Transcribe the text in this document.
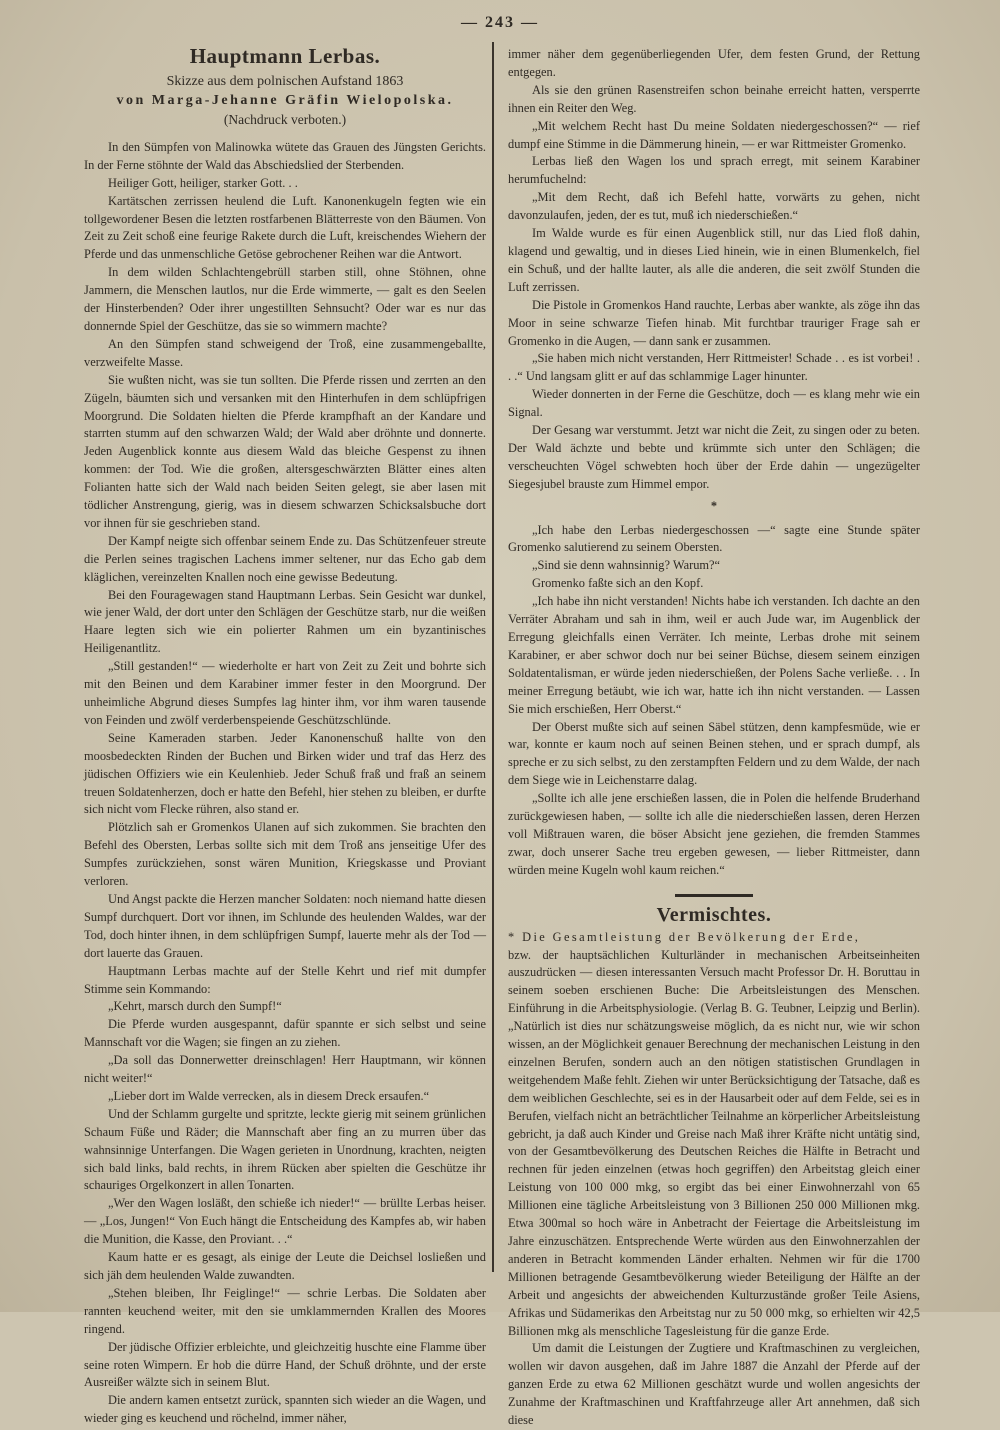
— 243 —
Hauptmann Lerbas.
Skizze aus dem polnischen Aufstand 1863
von Marga-Jehanne Gräfin Wielopolska.
(Nachdruck verboten.)

In den Sümpfen von Malinowka wütete das Grauen des Jüngsten Gerichts. In der Ferne stöhnte der Wald das Abschiedslied der Sterbenden.

Heiliger Gott, heiliger, starker Gott. . .

Kartätschen zerrissen heulend die Luft. Kanonenkugeln fegten wie ein tollgewordener Besen die letzten rostfarbenen Blätterreste von den Bäumen. Von Zeit zu Zeit schoß eine feurige Rakete durch die Luft, kreischendes Wiehern der Pferde und das unmenschliche Getöse gebrochener Reihen war die Antwort.

In dem wilden Schlachtengebrüll starben still, ohne Stöhnen, ohne Jammern, die Menschen lautlos, nur die Erde wimmerte, — galt es den Seelen der Hinsterbenden? Oder ihrer ungestillten Sehnsucht? Oder war es nur das donnernde Spiel der Geschütze, das sie so wimmern machte?

An den Sümpfen stand schweigend der Troß, eine zusammengeballte, verzweifelte Masse.

Sie wußten nicht, was sie tun sollten. Die Pferde rissen und zerrten an den Zügeln, bäumten sich und versanken mit den Hinterhufen in dem schlüpfrigen Moorgrund. Die Soldaten hielten die Pferde krampfhaft an der Kandare und starrten stumm auf den schwarzen Wald; der Wald aber dröhnte und donnerte. Jeden Augenblick konnte aus diesem Wald das bleiche Gespenst zu ihnen kommen: der Tod. Wie die großen, altersgeschwärzten Blätter eines alten Folianten hatte sich der Wald nach beiden Seiten gelegt, sie aber lasen mit tödlicher Anstrengung, gierig, was in diesem schwarzen Schicksalsbuche dort vor ihnen für sie geschrieben stand.

Der Kampf neigte sich offenbar seinem Ende zu. Das Schützenfeuer streute die Perlen seines tragischen Lachens immer seltener, nur das Echo gab dem kläglichen, vereinzelten Knallen noch eine gewisse Bedeutung.

Bei den Fouragewagen stand Hauptmann Lerbas. Sein Gesicht war dunkel, wie jener Wald, der dort unter den Schlägen der Geschütze starb, nur die weißen Haare legten sich wie ein polierter Rahmen um ein byzantinisches Heiligenantlitz.

„Still gestanden!“ — wiederholte er hart von Zeit zu Zeit und bohrte sich mit den Beinen und dem Karabiner immer fester in den Moorgrund. Der unheimliche Abgrund dieses Sumpfes lag hinter ihm, vor ihm waren tausende von Feinden und zwölf verderbenspeiende Geschützschlünde.

Seine Kameraden starben. Jeder Kanonenschuß hallte von den moosbedeckten Rinden der Buchen und Birken wider und traf das Herz des jüdischen Offiziers wie ein Keulenhieb. Jeder Schuß fraß und fraß an seinem treuen Soldatenherzen, doch er hatte den Befehl, hier stehen zu bleiben, er durfte sich nicht vom Flecke rühren, also stand er.

Plötzlich sah er Gromenkos Ulanen auf sich zukommen. Sie brachten den Befehl des Obersten, Lerbas sollte sich mit dem Troß ans jenseitige Ufer des Sumpfes zurückziehen, sonst wären Munition, Kriegskasse und Proviant verloren.

Und Angst packte die Herzen mancher Soldaten: noch niemand hatte diesen Sumpf durchquert. Dort vor ihnen, im Schlunde des heulenden Waldes, war der Tod, doch hinter ihnen, in dem schlüpfrigen Sumpf, lauerte mehr als der Tod — dort lauerte das Grauen.

Hauptmann Lerbas machte auf der Stelle Kehrt und rief mit dumpfer Stimme sein Kommando:

„Kehrt, marsch durch den Sumpf!“

Die Pferde wurden ausgespannt, dafür spannte er sich selbst und seine Mannschaft vor die Wagen; sie fingen an zu ziehen.

„Da soll das Donnerwetter dreinschlagen! Herr Hauptmann, wir können nicht weiter!“

„Lieber dort im Walde verrecken, als in diesem Dreck ersaufen.“

Und der Schlamm gurgelte und spritzte, leckte gierig mit seinem grünlichen Schaum Füße und Räder; die Mannschaft aber fing an zu murren über das wahnsinnige Unterfangen. Die Wagen gerieten in Unordnung, krachten, neigten sich bald links, bald rechts, in ihrem Rücken aber spielten die Geschütze ihr schauriges Orgelkonzert in allen Tonarten.

„Wer den Wagen losläßt, den schieße ich nieder!“ — brüllte Lerbas heiser. — „Los, Jungen!“ Von Euch hängt die Entscheidung des Kampfes ab, wir haben die Munition, die Kasse, den Proviant. . .“

Kaum hatte er es gesagt, als einige der Leute die Deichsel losließen und sich jäh dem heulenden Walde zuwandten.

„Stehen bleiben, Ihr Feiglinge!“ — schrie Lerbas. Die Soldaten aber rannten keuchend weiter, mit den sie umklammernden Krallen des Moores ringend.

Der jüdische Offizier erbleichte, und gleichzeitig huschte eine Flamme über seine roten Wimpern. Er hob die dürre Hand, der Schuß dröhnte, und der erste Ausreißer wälzte sich in seinem Blut.

Die andern kamen entsetzt zurück, spannten sich wieder an die Wagen, und wieder ging es keuchend und röchelnd, immer näher,

immer näher dem gegenüberliegenden Ufer, dem festen Grund, der Rettung entgegen.

Als sie den grünen Rasenstreifen schon beinahe erreicht hatten, versperrte ihnen ein Reiter den Weg.

„Mit welchem Recht hast Du meine Soldaten niedergeschossen?“ — rief dumpf eine Stimme in die Dämmerung hinein, — er war Rittmeister Gromenko.

Lerbas ließ den Wagen los und sprach erregt, mit seinem Karabiner herumfuchelnd:

„Mit dem Recht, daß ich Befehl hatte, vorwärts zu gehen, nicht davonzulaufen, jeden, der es tut, muß ich niederschießen.“

Im Walde wurde es für einen Augenblick still, nur das Lied floß dahin, klagend und gewaltig, und in dieses Lied hinein, wie in einen Blumenkelch, fiel ein Schuß, und der hallte lauter, als alle die anderen, die seit zwölf Stunden die Luft zerrissen.

Die Pistole in Gromenkos Hand rauchte, Lerbas aber wankte, als zöge ihn das Moor in seine schwarze Tiefen hinab. Mit furchtbar trauriger Frage sah er Gromenko in die Augen, — dann sank er zusammen.

„Sie haben mich nicht verstanden, Herr Rittmeister! Schade . . es ist vorbei! . . .“ Und langsam glitt er auf das schlammige Lager hinunter.

Wieder donnerten in der Ferne die Geschütze, doch — es klang mehr wie ein Signal.

Der Gesang war verstummt. Jetzt war nicht die Zeit, zu singen oder zu beten. Der Wald ächzte und bebte und krümmte sich unter den Schlägen; die verscheuchten Vögel schwebten hoch über der Erde dahin — ungezügelter Siegesjubel brauste zum Himmel empor.

*

„Ich habe den Lerbas niedergeschossen —“ sagte eine Stunde später Gromenko salutierend zu seinem Obersten.

„Sind sie denn wahnsinnig? Warum?“

Gromenko faßte sich an den Kopf.

„Ich habe ihn nicht verstanden! Nichts habe ich verstanden. Ich dachte an den Verräter Abraham und sah in ihm, weil er auch Jude war, im Augenblick der Erregung gleichfalls einen Verräter. Ich meinte, Lerbas drohe mit seinem Karabiner, er aber schwor doch nur bei seiner Büchse, diesem seinem einzigen Soldatentalisman, er würde jeden niederschießen, der Polens Sache verließe. . . In meiner Erregung betäubt, wie ich war, hatte ich ihn nicht verstanden. — Lassen Sie mich erschießen, Herr Oberst.“

Der Oberst mußte sich auf seinen Säbel stützen, denn kampfesmüde, wie er war, konnte er kaum noch auf seinen Beinen stehen, und er sprach dumpf, als spreche er zu sich selbst, zu den zerstampften Feldern und zu dem Walde, der nach dem Siege wie in Leichenstarre dalag.

„Sollte ich alle jene erschießen lassen, die in Polen die helfende Bruderhand zurückgewiesen haben, — sollte ich alle die niederschießen lassen, deren Herzen voll Mißtrauen waren, die böser Absicht jene geziehen, die fremden Stammes zwar, doch unserer Sache treu ergeben gewesen, — lieber Rittmeister, dann würden meine Kugeln wohl kaum reichen.“

Vermischtes.

* Die Gesamtleistung der Bevölkerung der Erde,

bzw. der hauptsächlichen Kulturländer in mechanischen Arbeitseinheiten auszudrücken — diesen interessanten Versuch macht Professor Dr. H. Boruttau in seinem soeben erschienen Buche: Die Arbeitsleistungen des Menschen. Einführung in die Arbeitsphysiologie. (Verlag B. G. Teubner, Leipzig und Berlin). „Natürlich ist dies nur schätzungsweise möglich, da es nicht nur, wie wir schon wissen, an der Möglichkeit genauer Berechnung der mechanischen Leistung in den einzelnen Berufen, sondern auch an den nötigen statistischen Grundlagen in weitgehendem Maße fehlt. Ziehen wir unter Berücksichtigung der Tatsache, daß es dem weiblichen Geschlechte, sei es in der Hausarbeit oder auf dem Felde, sei es in Berufen, vielfach nicht an beträchtlicher Teilnahme an körperlicher Arbeitsleistung gebricht, ja daß auch Kinder und Greise nach Maß ihrer Kräfte nicht untätig sind, von der Gesamtbevölkerung des Deutschen Reiches die Hälfte in Betracht und rechnen für jeden einzelnen (etwas hoch gegriffen) den Arbeitstag gleich einer Leistung von 100 000 mkg, so ergibt das bei einer Einwohnerzahl von 65 Millionen eine tägliche Arbeitsleistung von 3 Billionen 250 000 Millionen mkg. Etwa 300mal so hoch wäre in Anbetracht der Feiertage die Arbeitsleistung im Jahre einzuschätzen. Entsprechende Werte würden aus den Einwohnerzahlen der anderen in Betracht kommenden Länder erhalten. Nehmen wir für die 1700 Millionen betragende Gesamtbevölkerung wieder Beteiligung der Hälfte an der Arbeit und angesichts der abweichenden Kulturzustände großer Teile Asiens, Afrikas und Südamerikas den Arbeitstag nur zu 50 000 mkg, so erhielten wir 42,5 Billionen mkg als menschliche Tagesleistung für die ganze Erde.

Um damit die Leistungen der Zugtiere und Kraftmaschinen zu vergleichen, wollen wir davon ausgehen, daß im Jahre 1887 die Anzahl der Pferde auf der ganzen Erde zu etwa 62 Millionen geschätzt wurde und wollen angesichts der Zunahme der Kraftmaschinen und Kraftfahrzeuge aller Art annehmen, daß sich diese
